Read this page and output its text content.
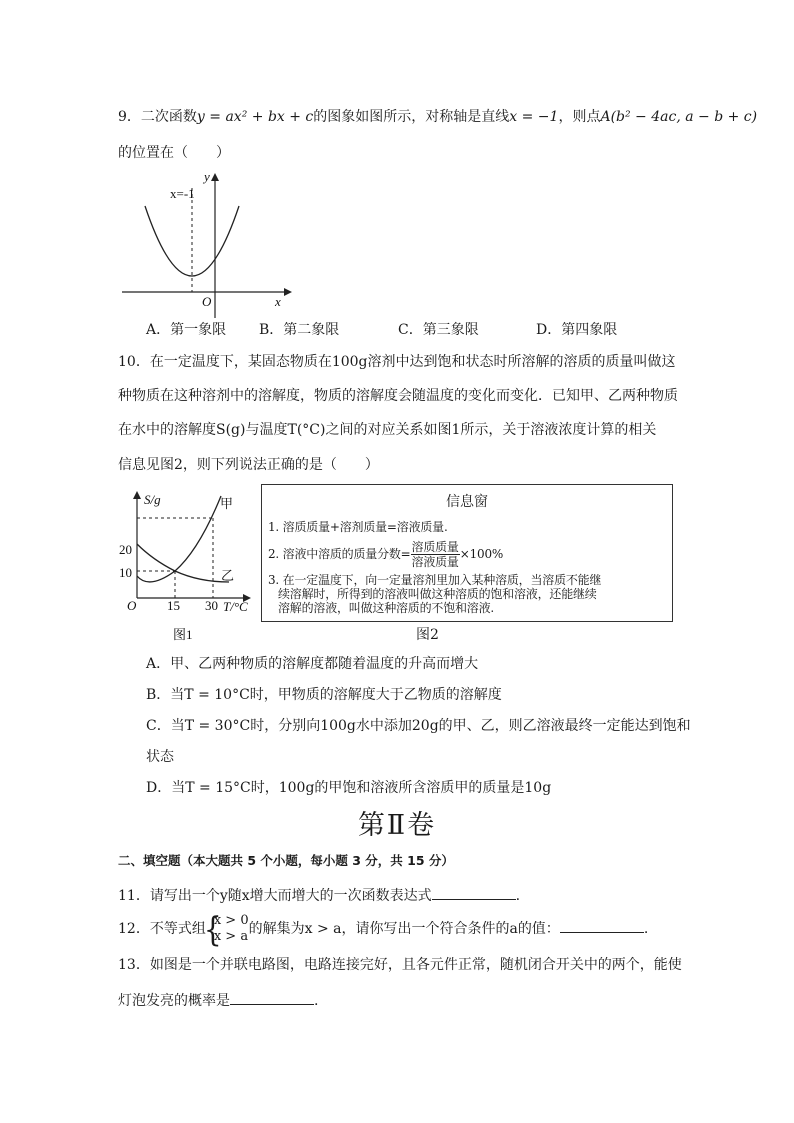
9．二次函数y = ax² + bx + c的图象如图所示，对称轴是直线x = −1，则点A(b² − 4ac, a − b + c)
的位置在（　　）
x=-1
y
x
O
A．第一象限 B．第二象限	C．第三象限	D．第四象限
10．在一定温度下，某固态物质在100g溶剂中达到饱和状态时所溶解的溶质的质量叫做这
种物质在这种溶剂中的溶解度，物质的溶解度会随温度的变化而变化．已知甲、乙两种物质
在水中的溶解度S(g)与温度T(°C)之间的对应关系如图1所示，关于溶液浓度计算的相关
信息见图2，则下列说法正确的是（　　）
S/g	甲
乙
20
10
O 15 30 T/°C
图1
信息窗
1. 溶质质量+溶剂质量=溶液质量.
2. 溶液中溶质的质量分数= $\frac{\text{溶质质量}}{\text{溶液质量}} \times 100\%$
3. 在一定温度下，向一定量溶剂里加入某种溶质，当溶质不能继
续溶解时，所得到的溶液叫做这种溶质的饱和溶液，还能继续
溶解的溶液，叫做这种溶质的不饱和溶液.
图2
A．甲、乙两种物质的溶解度都随着温度的升高而增大
B．当T = 10°C时，甲物质的溶解度大于乙物质的溶解度
C．当T = 30°C时，分别向100g水中添加20g的甲、乙，则乙溶液最终一定能达到饱和
状态
D．当T = 15°C时，100g的甲饱和溶液所含溶质甲的质量是10g
第Ⅱ卷
二、填空题（本大题共 5 个小题，每小题 3 分，共 15 分）
11．请写出一个y随x增大而增大的一次函数表达式	.
12．不等式组
{ x > 0
x > a 的解集为x > a，请你写出一个符合条件的a的值：	.
13．如图是一个并联电路图，电路连接完好，且各元件正常，随机闭合开关中的两个，能使
灯泡发亮的概率是	.
